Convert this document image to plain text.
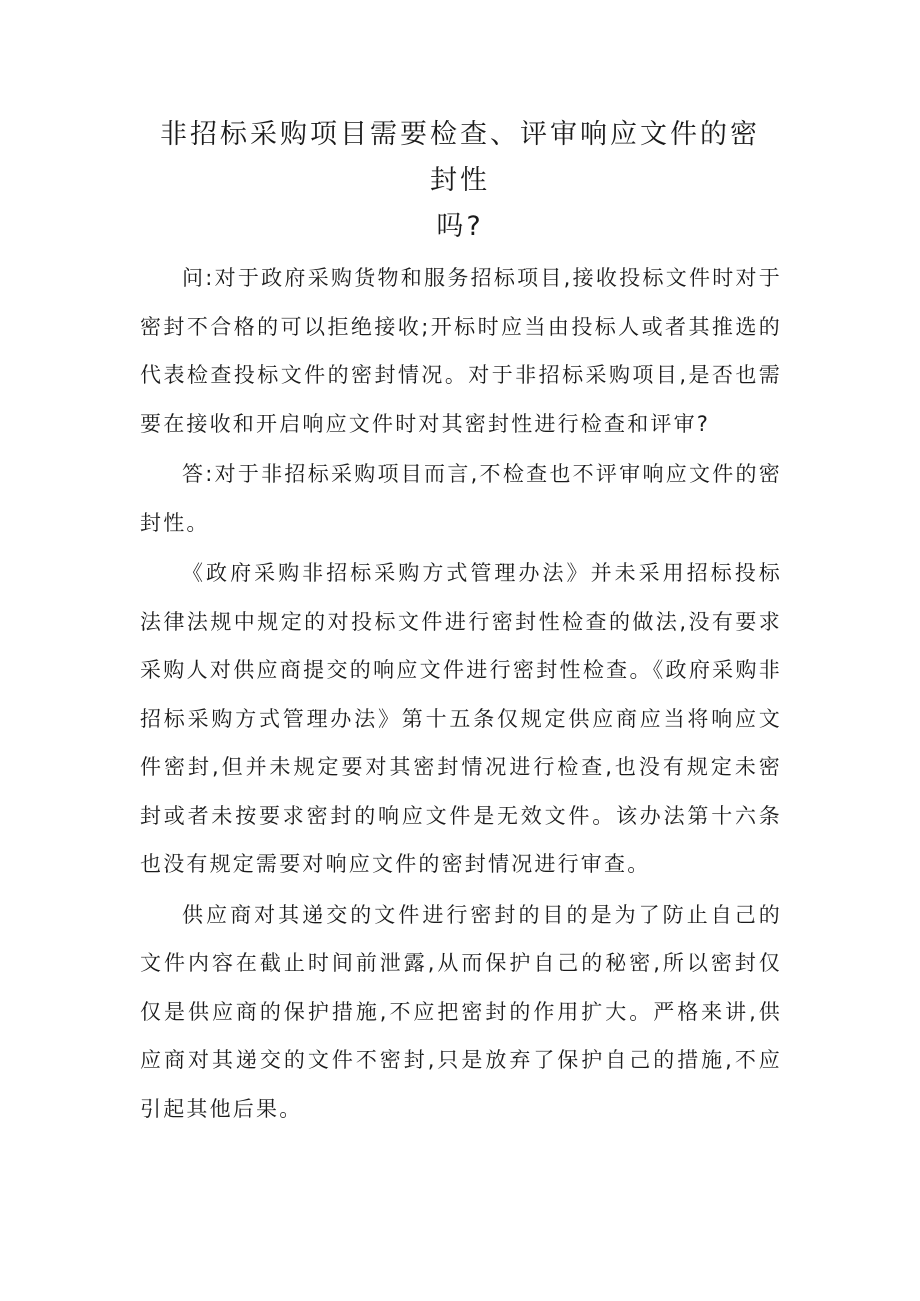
非招标采购项目需要检查、评审响应文件的密封性
吗?

问:对于政府采购货物和服务招标项目,接收投标文件时对于密封不合格的可以拒绝接收;开标时应当由投标人或者其推选的代表检查投标文件的密封情况。对于非招标采购项目,是否也需要在接收和开启响应文件时对其密封性进行检查和评审?

答:对于非招标采购项目而言,不检查也不评审响应文件的密封性。

《政府采购非招标采购方式管理办法》并未采用招标投标法律法规中规定的对投标文件进行密封性检查的做法,没有要求采购人对供应商提交的响应文件进行密封性检查。《政府采购非招标采购方式管理办法》第十五条仅规定供应商应当将响应文件密封,但并未规定要对其密封情况进行检查,也没有规定未密封或者未按要求密封的响应文件是无效文件。该办法第十六条也没有规定需要对响应文件的密封情况进行审查。

供应商对其递交的文件进行密封的目的是为了防止自己的文件内容在截止时间前泄露,从而保护自己的秘密,所以密封仅仅是供应商的保护措施,不应把密封的作用扩大。严格来讲,供应商对其递交的文件不密封,只是放弃了保护自己的措施,不应引起其他后果。
